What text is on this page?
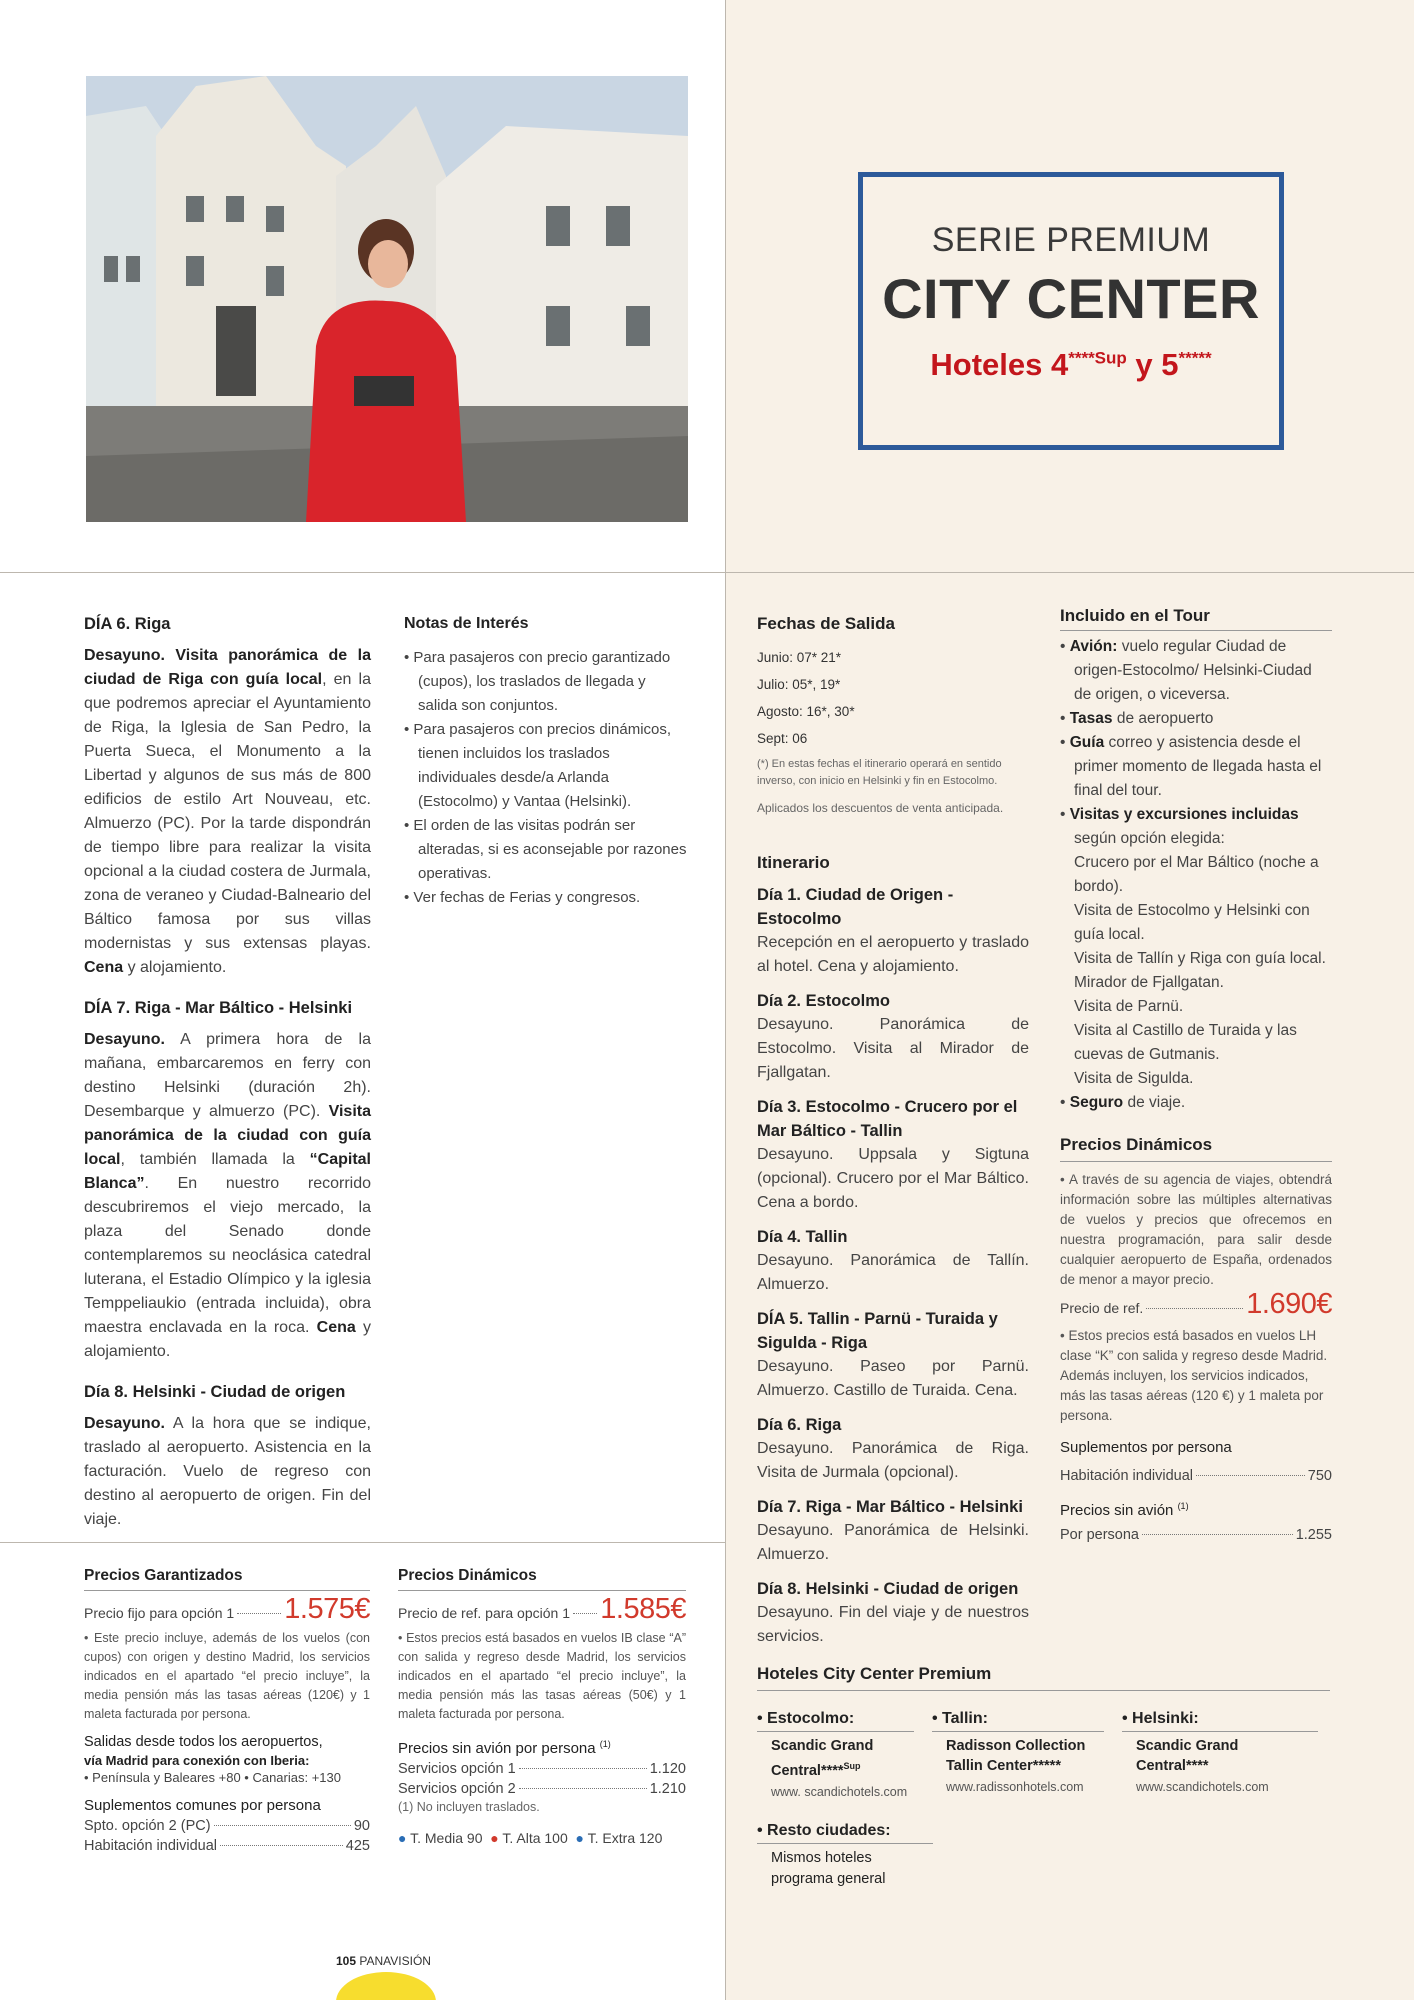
SERIE PREMIUM
CITY CENTER
Hoteles $4^{****Sup}$ y 5*****
DÍA 6. Riga

Desayuno. Visita panorámica de la ciudad de Riga con guía local, en la que podremos apreciar el Ayuntamiento de Riga, la Iglesia de San Pedro, la Puerta Sueca, el Monumento a la Libertad y algunos de sus más de 800 edificios de estilo Art Nouveau, etc. Almuerzo (PC). Por la tarde dispondrán de tiempo libre para realizar la visita opcional a la ciudad costera de Jurmala, zona de veraneo y Ciudad-Balneario del Báltico famosa por sus villas modernistas y sus extensas playas. Cena y alojamiento.

DÍA 7. Riga - Mar Báltico - Helsinki

Desayuno. A primera hora de la mañana, embarcaremos en ferry con destino Helsinki (duración 2h). Desembarque y almuerzo (PC). Visita panorámica de la ciudad con guía local, también llamada la “Capital Blanca”. En nuestro recorrido descubriremos el viejo mercado, la plaza del Senado donde contemplaremos su neoclásica catedral luterana, el Estadio Olímpico y la iglesia Temppeliaukio (entrada incluida), obra maestra enclavada en la roca. Cena y alojamiento.

Día 8. Helsinki - Ciudad de origen

Desayuno. A la hora que se indique, traslado al aeropuerto. Asistencia en la facturación. Vuelo de regreso con destino al aeropuerto de origen. Fin del viaje.

Notas de Interés
• Para pasajeros con precio garantizado (cupos), los traslados de llegada y salida son conjuntos.
• Para pasajeros con precios dinámicos, tienen incluidos los traslados individuales desde/a Arlanda (Estocolmo) y Vantaa (Helsinki).
• El orden de las visitas podrán ser alteradas, si es aconsejable por razones operativas.
• Ver fechas de Ferias y congresos.
Precios Garantizados
Precio fijo para opción 1 1.575€

• Este precio incluye, además de los vuelos (con cupos) con origen y destino Madrid, los servicios indicados en el apartado “el precio incluye”, la media pensión más las tasas aéreas (120€) y 1 maleta facturada por persona.

Salidas desde todos los aeropuertos,

vía Madrid para conexión con Iberia:

• Península y Baleares +80 • Canarias: +130

Suplementos comunes por persona

Spto. opción 2 (PC)	90
Habitación individual	425
Precios Dinámicos
Precio de ref. para opción 1 1.585€

• Estos precios está basados en vuelos IB clase “A” con salida y regreso desde Madrid, los servicios indicados en el apartado “el precio incluye”, la media pensión más las tasas aéreas (50€) y 1 maleta facturada por persona.

Precios sin avión por persona $^{(1)}$

Servicios opción 1	1.120
Servicios opción 2	1.210

(1) No incluyen traslados.

● T. Media 90 ● T. Alta 100 ● T. Extra 120

Fechas de Salida
Junio: 07* 21*
Julio: 05*, 19*
Agosto: 16*, 30*
Sept: 06

(*) En estas fechas el itinerario operará en sentido inverso, con inicio en Helsinki y fin en Estocolmo.

Aplicados los descuentos de venta anticipada.

Itinerario
Día 1. Ciudad de Origen - Estocolmo
Recepción en el aeropuerto y traslado al hotel. Cena y alojamiento.
Día 2. Estocolmo
Desayuno. Panorámica de Estocolmo. Visita al Mirador de Fjallgatan.
Día 3. Estocolmo - Crucero por el Mar Báltico - Tallin
Desayuno. Uppsala y Sigtuna (opcional). Crucero por el Mar Báltico. Cena a bordo.
Día 4. Tallin
Desayuno. Panorámica de Tallín. Almuerzo.
DÍA 5. Tallin - Parnü - Turaida y Sigulda - Riga
Desayuno. Paseo por Parnü. Almuerzo. Castillo de Turaida. Cena.
Día 6. Riga
Desayuno. Panorámica de Riga. Visita de Jurmala (opcional).
Día 7. Riga - Mar Báltico - Helsinki
Desayuno. Panorámica de Helsinki. Almuerzo.
Día 8. Helsinki - Ciudad de origen
Desayuno. Fin del viaje y de nuestros servicios.
Incluido en el Tour
• Avión: vuelo regular Ciudad de origen-Estocolmo/ Helsinki-Ciudad de origen, o viceversa.
• Tasas de aeropuerto
• Guía correo y asistencia desde el primer momento de llegada hasta el final del tour.
• Visitas y excursiones incluidas
según opción elegida:
Crucero por el Mar Báltico (noche a bordo).
Visita de Estocolmo y Helsinki con guía local.
Visita de Tallín y Riga con guía local.
Mirador de Fjallgatan.
Visita de Parnü.
Visita al Castillo de Turaida y las cuevas de Gutmanis.
Visita de Sigulda.
• Seguro de viaje.
Precios Dinámicos

• A través de su agencia de viajes, obtendrá información sobre las múltiples alternativas de vuelos y precios que ofrecemos en nuestra programación, para salir desde cualquier aeropuerto de España, ordenados de menor a mayor precio.

Precio de ref.	1.690€

• Estos precios está basados en vuelos LH clase “K” con salida y regreso desde Madrid. Además incluyen, los servicios indicados, más las tasas aéreas (120 €) y 1 maleta por persona.

Suplementos por persona

Habitación individual	750

Precios sin avión $^{(1)}$

Por persona	1.255
Hoteles City Center Premium
• Estocolmo:
Scandic Grand
Central****$^{Sup}$
www. scandichotels.com
• Tallin:
Radisson Collection
Tallin Center*****
www.radissonhotels.com
• Helsinki:
Scandic Grand
Central****
www.scandichotels.com
• Resto ciudades:
Mismos hoteles
programa general
105 PANAVISIÓN
